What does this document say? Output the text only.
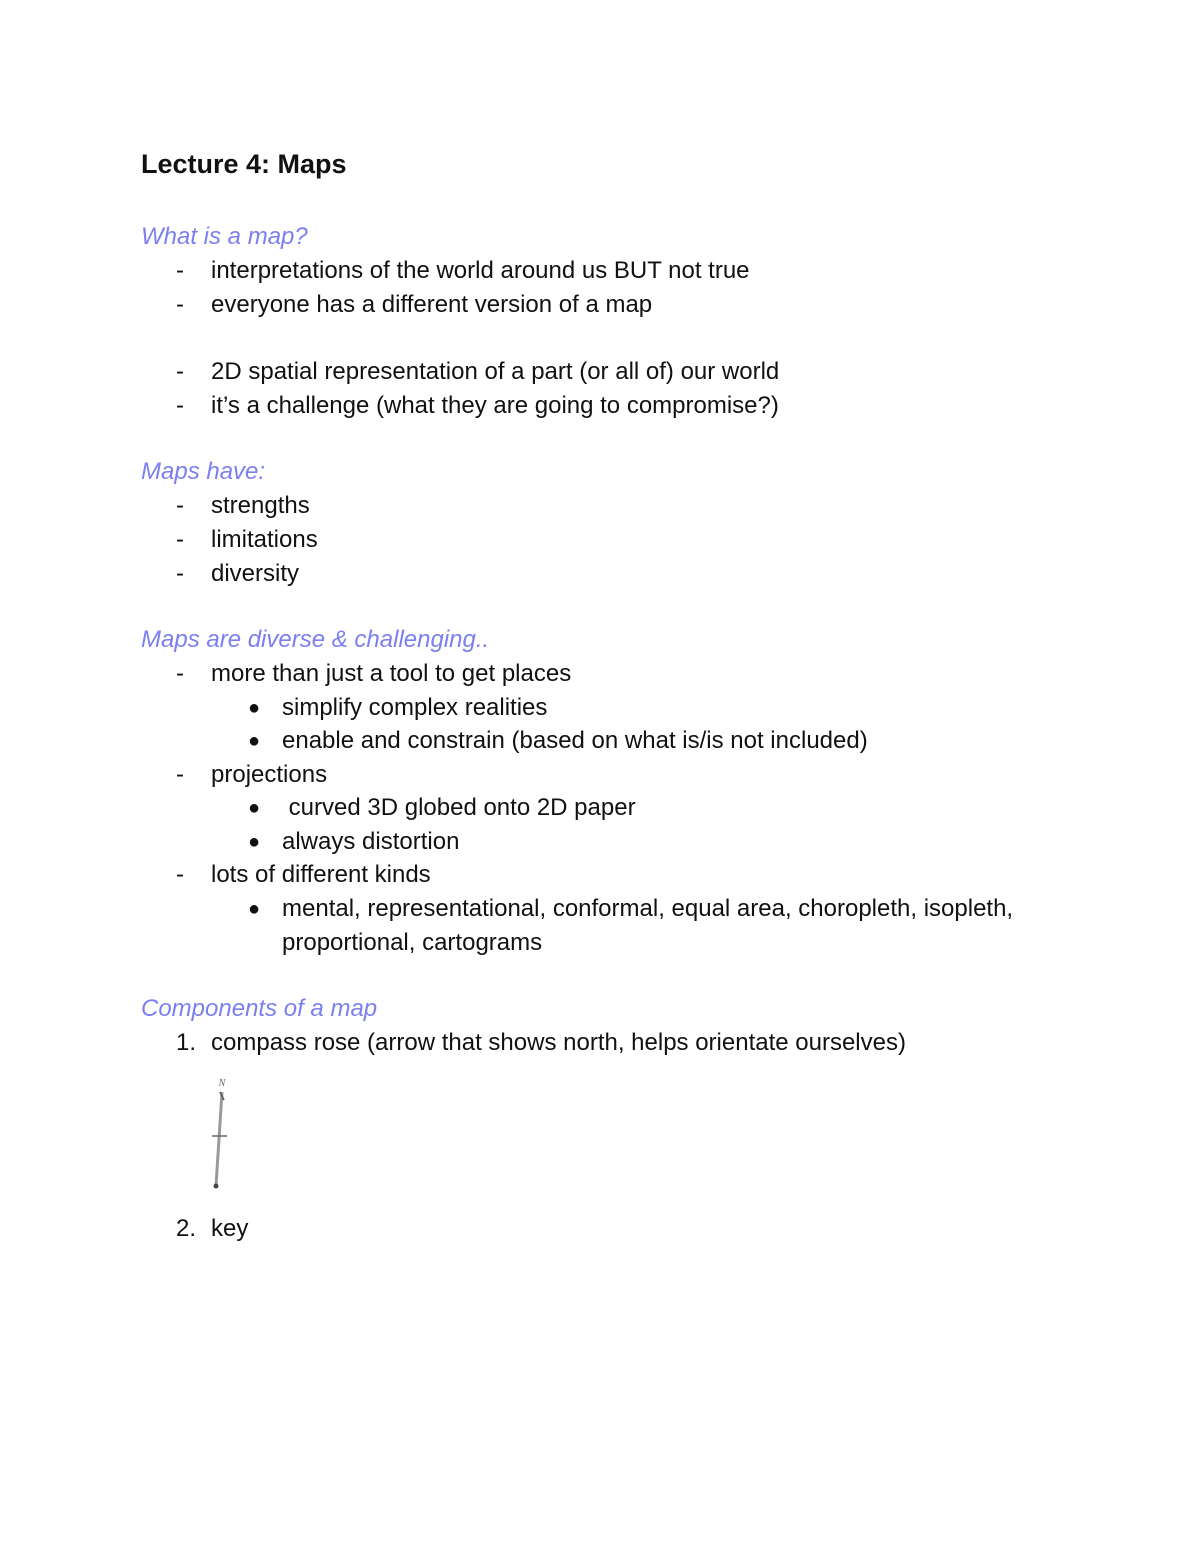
Lecture 4: Maps
What is a map?
- interpretations of the world around us BUT not true
- everyone has a different version of a map
- 2D spatial representation of a part (or all of) our world
- it’s a challenge (what they are going to compromise?)
Maps have:
- strengths
- limitations
- diversity
Maps are diverse & challenging..
- more than just a tool to get places
● simplify complex realities
● enable and constrain (based on what is/is not included)
- projections
● curved 3D globed onto 2D paper
● always distortion
- lots of different kinds
● mental, representational, conformal, equal area, choropleth, isopleth,
proportional, cartograms
Components of a map
1. compass rose (arrow that shows north, helps orientate ourselves)
N
2. key
